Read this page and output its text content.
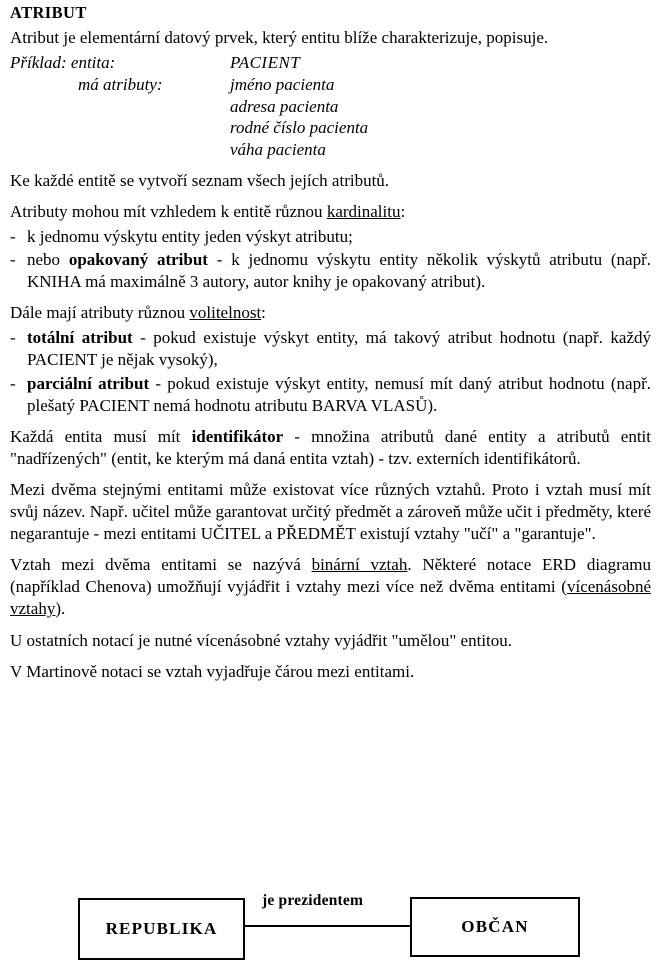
ATRIBUT

Atribut je elementární datový prvek, který entitu blíže charakterizuje, popisuje.

Příklad: entita:	PACIENT
má atributy:	jméno pacienta
adresa pacienta
rodné číslo pacienta
váha pacienta

Ke každé entitě se vytvoří seznam všech jejích atributů.

Atributy mohou mít vzhledem k entitě různou kardinalitu:

- k jednomu výskytu entity jeden výskyt atributu;
- nebo opakovaný atribut - k jednomu výskytu entity několik výskytů atributu (např. KNIHA má maximálně 3 autory, autor knihy je opakovaný atribut).

Dále mají atributy různou volitelnost:

- totální atribut - pokud existuje výskyt entity, má takový atribut hodnotu (např. každý PACIENT je nějak vysoký),
- parciální atribut - pokud existuje výskyt entity, nemusí mít daný atribut hodnotu (např. plešatý PACIENT nemá hodnotu atributu BARVA VLASŮ).

Každá entita musí mít identifikátor - množina atributů dané entity a atributů entit "nadřízených" (entit, ke kterým má daná entita vztah) - tzv. externích identifikátorů.

Mezi dvěma stejnými entitami může existovat více různých vztahů. Proto i vztah musí mít svůj název. Např. učitel může garantovat určitý předmět a zároveň může učit i předměty, které negarantuje - mezi entitami UČITEL a PŘEDMĚT existují vztahy "učí" a "garantuje".

Vztah mezi dvěma entitami se nazývá binární vztah. Některé notace ERD diagramu (například Chenova) umožňují vyjádřit i vztahy mezi více než dvěma entitami (vícenásobné vztahy).

U ostatních notací je nutné vícenásobné vztahy vyjádřit "umělou" entitou.

V Martinově notaci se vztah vyjadřuje čárou mezi entitami.

REPUBLIKA	OBČAN
je prezidentem
